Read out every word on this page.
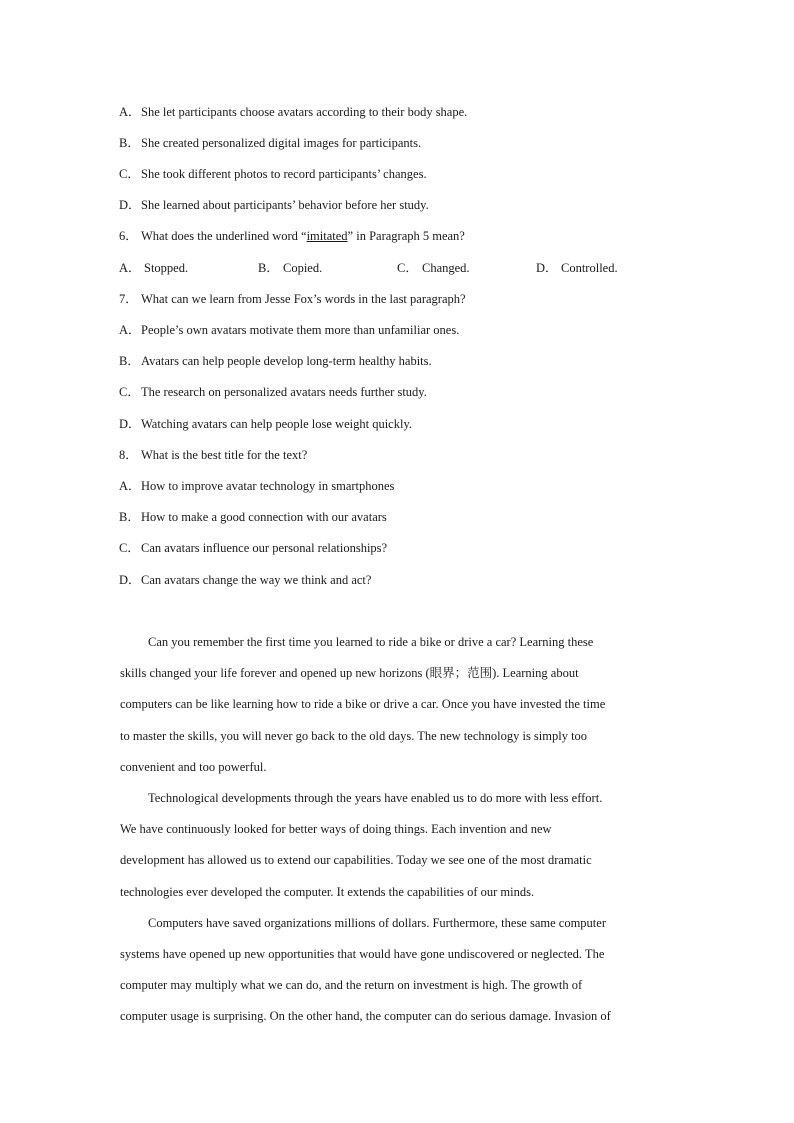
A．She let participants choose avatars according to their body shape.
B．She created personalized digital images for participants.
C．She took different photos to record participants’ changes.
D．She learned about participants’ behavior before her study.
6． What does the underlined word “imitated” in Paragraph 5 mean?
A． Stopped.	B． Copied.	C． Changed.	D． Controlled.
7． What can we learn from Jesse Fox’s words in the last paragraph?
A．People’s own avatars motivate them more than unfamiliar ones.
B．Avatars can help people develop long-term healthy habits.
C．The research on personalized avatars needs further study.
D．Watching avatars can help people lose weight quickly.
8． What is the best title for the text?
A．How to improve avatar technology in smartphones
B．How to make a good connection with our avatars
C．Can avatars influence our personal relationships?
D．Can avatars change the way we think and act?
Can you remember the first time you learned to ride a bike or drive a car? Learning these
skills changed your life forever and opened up new horizons (眼界；范围). Learning about
computers can be like learning how to ride a bike or drive a car. Once you have invested the time
to master the skills, you will never go back to the old days. The new technology is simply too
convenient and too powerful.
Technological developments through the years have enabled us to do more with less effort.
We have continuously looked for better ways of doing things. Each invention and new
development has allowed us to extend our capabilities. Today we see one of the most dramatic
technologies ever developed the computer. It extends the capabilities of our minds.
Computers have saved organizations millions of dollars. Furthermore, these same computer
systems have opened up new opportunities that would have gone undiscovered or neglected. The
computer may multiply what we can do, and the return on investment is high. The growth of
computer usage is surprising. On the other hand, the computer can do serious damage. Invasion of
